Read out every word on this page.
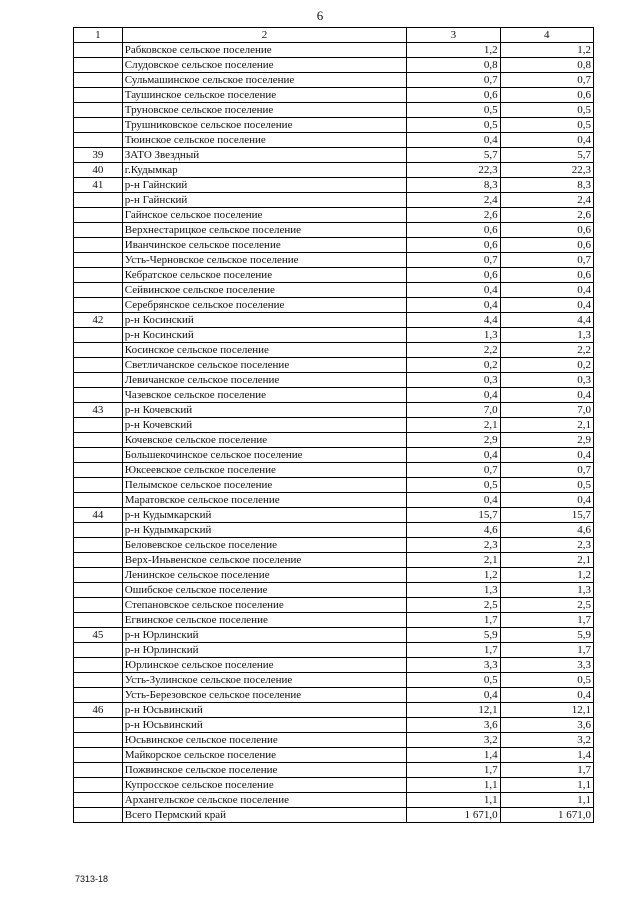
6
1	2	3	4
	Рабковское сельское поселение	1,2	1,2
	Слудовское сельское поселение	0,8	0,8
	Сульмашинское сельское поселение	0,7	0,7
	Таушинское сельское поселение	0,6	0,6
	Труновское сельское поселение	0,5	0,5
	Трушниковское сельское поселение	0,5	0,5
	Тюинское сельское поселение	0,4	0,4
39	ЗАТО Звездный	5,7	5,7
40	г.Кудымкар	22,3	22,3
41	р-н Гайнский	8,3	8,3
	р-н Гайнский	2,4	2,4
	Гайнское сельское поселение	2,6	2,6
	Верхнестарицкое сельское поселение	0,6	0,6
	Иванчинское сельское поселение	0,6	0,6
	Усть-Черновское сельское поселение	0,7	0,7
	Кебратское сельское поселение	0,6	0,6
	Сейвинское сельское поселение	0,4	0,4
	Серебрянское сельское поселение	0,4	0,4
42	р-н Косинский	4,4	4,4
	р-н Косинский	1,3	1,3
	Косинское сельское поселение	2,2	2,2
	Светличанское сельское поселение	0,2	0,2
	Левичанское сельское поселение	0,3	0,3
	Чазевское сельское поселение	0,4	0,4
43	р-н Кочевский	7,0	7,0
	р-н Кочевский	2,1	2,1
	Кочевское сельское поселение	2,9	2,9
	Большекочинское сельское поселение	0,4	0,4
	Юксеевское сельское поселение	0,7	0,7
	Пелымское сельское поселение	0,5	0,5
	Маратовское сельское поселение	0,4	0,4
44	р-н Кудымкарский	15,7	15,7
	р-н Кудымкарский	4,6	4,6
	Беловевское сельское поселение	2,3	2,3
	Верх-Иньвенское сельское поселение	2,1	2,1
	Ленинское сельское поселение	1,2	1,2
	Ошибское сельское поселение	1,3	1,3
	Степановское сельское поселение	2,5	2,5
	Егвинское сельское поселение	1,7	1,7
45	р-н Юрлинский	5,9	5,9
	р-н Юрлинский	1,7	1,7
	Юрлинское сельское поселение	3,3	3,3
	Усть-Зулинское сельское поселение	0,5	0,5
	Усть-Березовское сельское поселение	0,4	0,4
46	р-н Юсьвинский	12,1	12,1
	р-н Юсьвинский	3,6	3,6
	Юсьвинское сельское поселение	3,2	3,2
	Майкорское сельское поселение	1,4	1,4
	Пожвинское сельское поселение	1,7	1,7
	Купросское сельское поселение	1,1	1,1
	Архангельское сельское поселение	1,1	1,1
	Всего Пермский край	1 671,0	1 671,0
7313-18
